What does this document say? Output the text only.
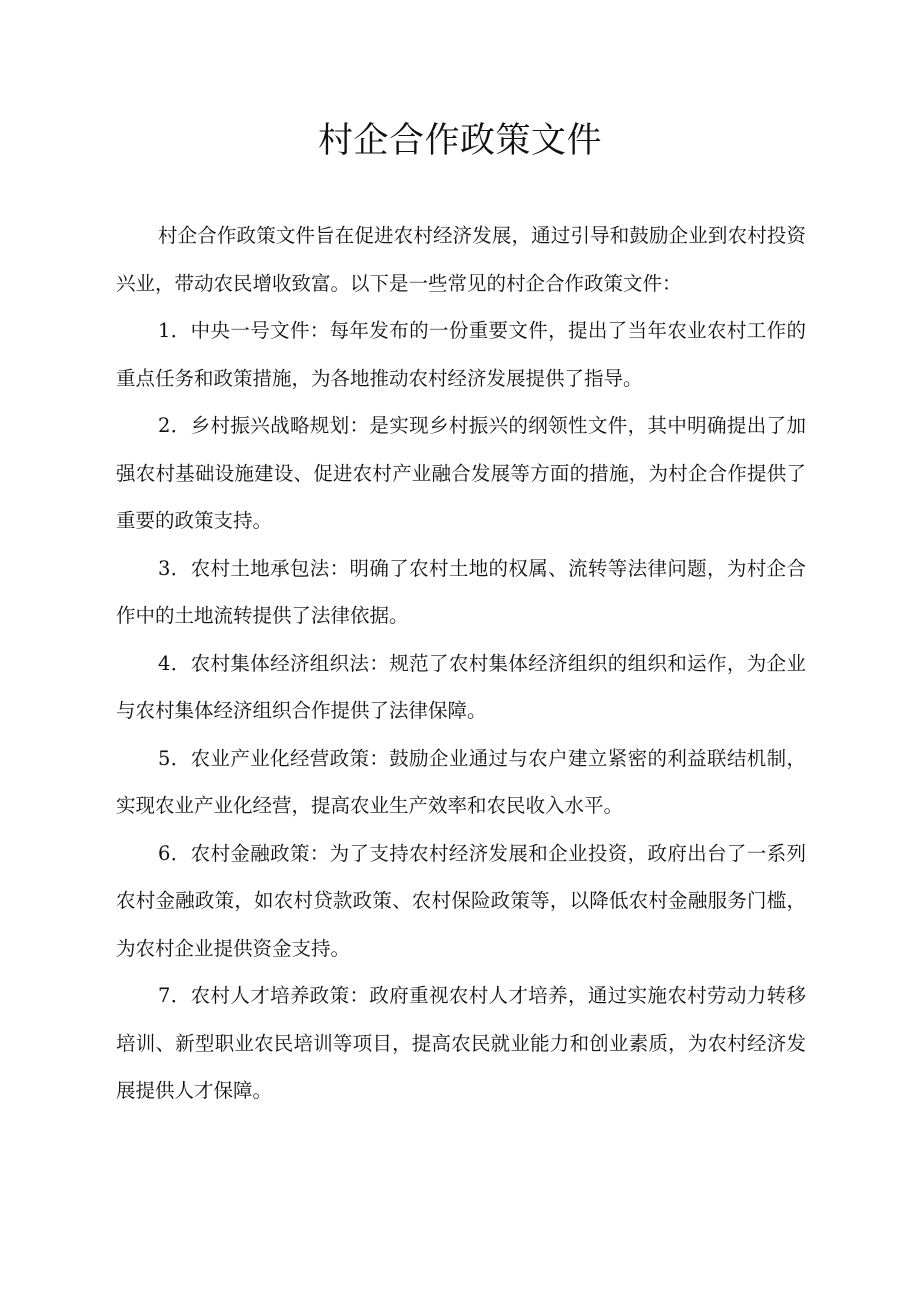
村企合作政策文件

村企合作政策文件旨在促进农村经济发展，通过引导和鼓励企业到农村投资兴业，带动农民增收致富。以下是一些常见的村企合作政策文件：

1．中央一号文件：每年发布的一份重要文件，提出了当年农业农村工作的重点任务和政策措施，为各地推动农村经济发展提供了指导。

2．乡村振兴战略规划：是实现乡村振兴的纲领性文件，其中明确提出了加强农村基础设施建设、促进农村产业融合发展等方面的措施，为村企合作提供了重要的政策支持。

3．农村土地承包法：明确了农村土地的权属、流转等法律问题，为村企合作中的土地流转提供了法律依据。

4．农村集体经济组织法：规范了农村集体经济组织的组织和运作，为企业与农村集体经济组织合作提供了法律保障。

5．农业产业化经营政策：鼓励企业通过与农户建立紧密的利益联结机制，实现农业产业化经营，提高农业生产效率和农民收入水平。

6．农村金融政策：为了支持农村经济发展和企业投资，政府出台了一系列农村金融政策，如农村贷款政策、农村保险政策等，以降低农村金融服务门槛，为农村企业提供资金支持。

7．农村人才培养政策：政府重视农村人才培养，通过实施农村劳动力转移培训、新型职业农民培训等项目，提高农民就业能力和创业素质，为农村经济发展提供人才保障。
